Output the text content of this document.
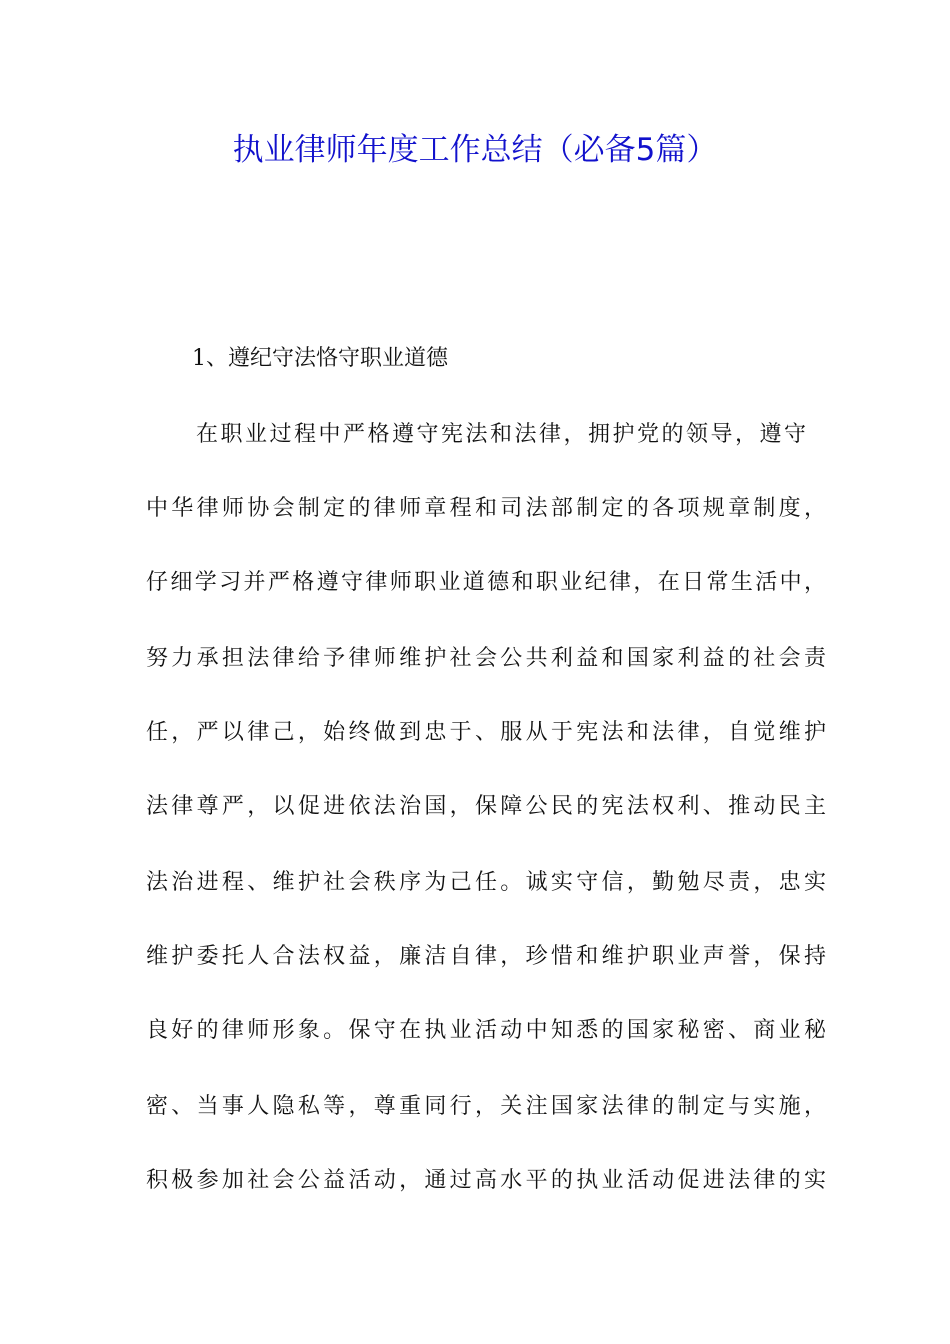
执业律师年度工作总结（必备5篇）
1、遵纪守法恪守职业道德
在职业过程中严格遵守宪法和法律，拥护党的领导，遵守
中华律师协会制定的律师章程和司法部制定的各项规章制度，
仔细学习并严格遵守律师职业道德和职业纪律，在日常生活中，
努力承担法律给予律师维护社会公共利益和国家利益的社会责
任，严以律己，始终做到忠于、服从于宪法和法律，自觉维护
法律尊严，以促进依法治国，保障公民的宪法权利、推动民主
法治进程、维护社会秩序为己任。诚实守信，勤勉尽责，忠实
维护委托人合法权益，廉洁自律，珍惜和维护职业声誉，保持
良好的律师形象。保守在执业活动中知悉的国家秘密、商业秘
密、当事人隐私等，尊重同行，关注国家法律的制定与实施，
积极参加社会公益活动，通过高水平的执业活动促进法律的实
